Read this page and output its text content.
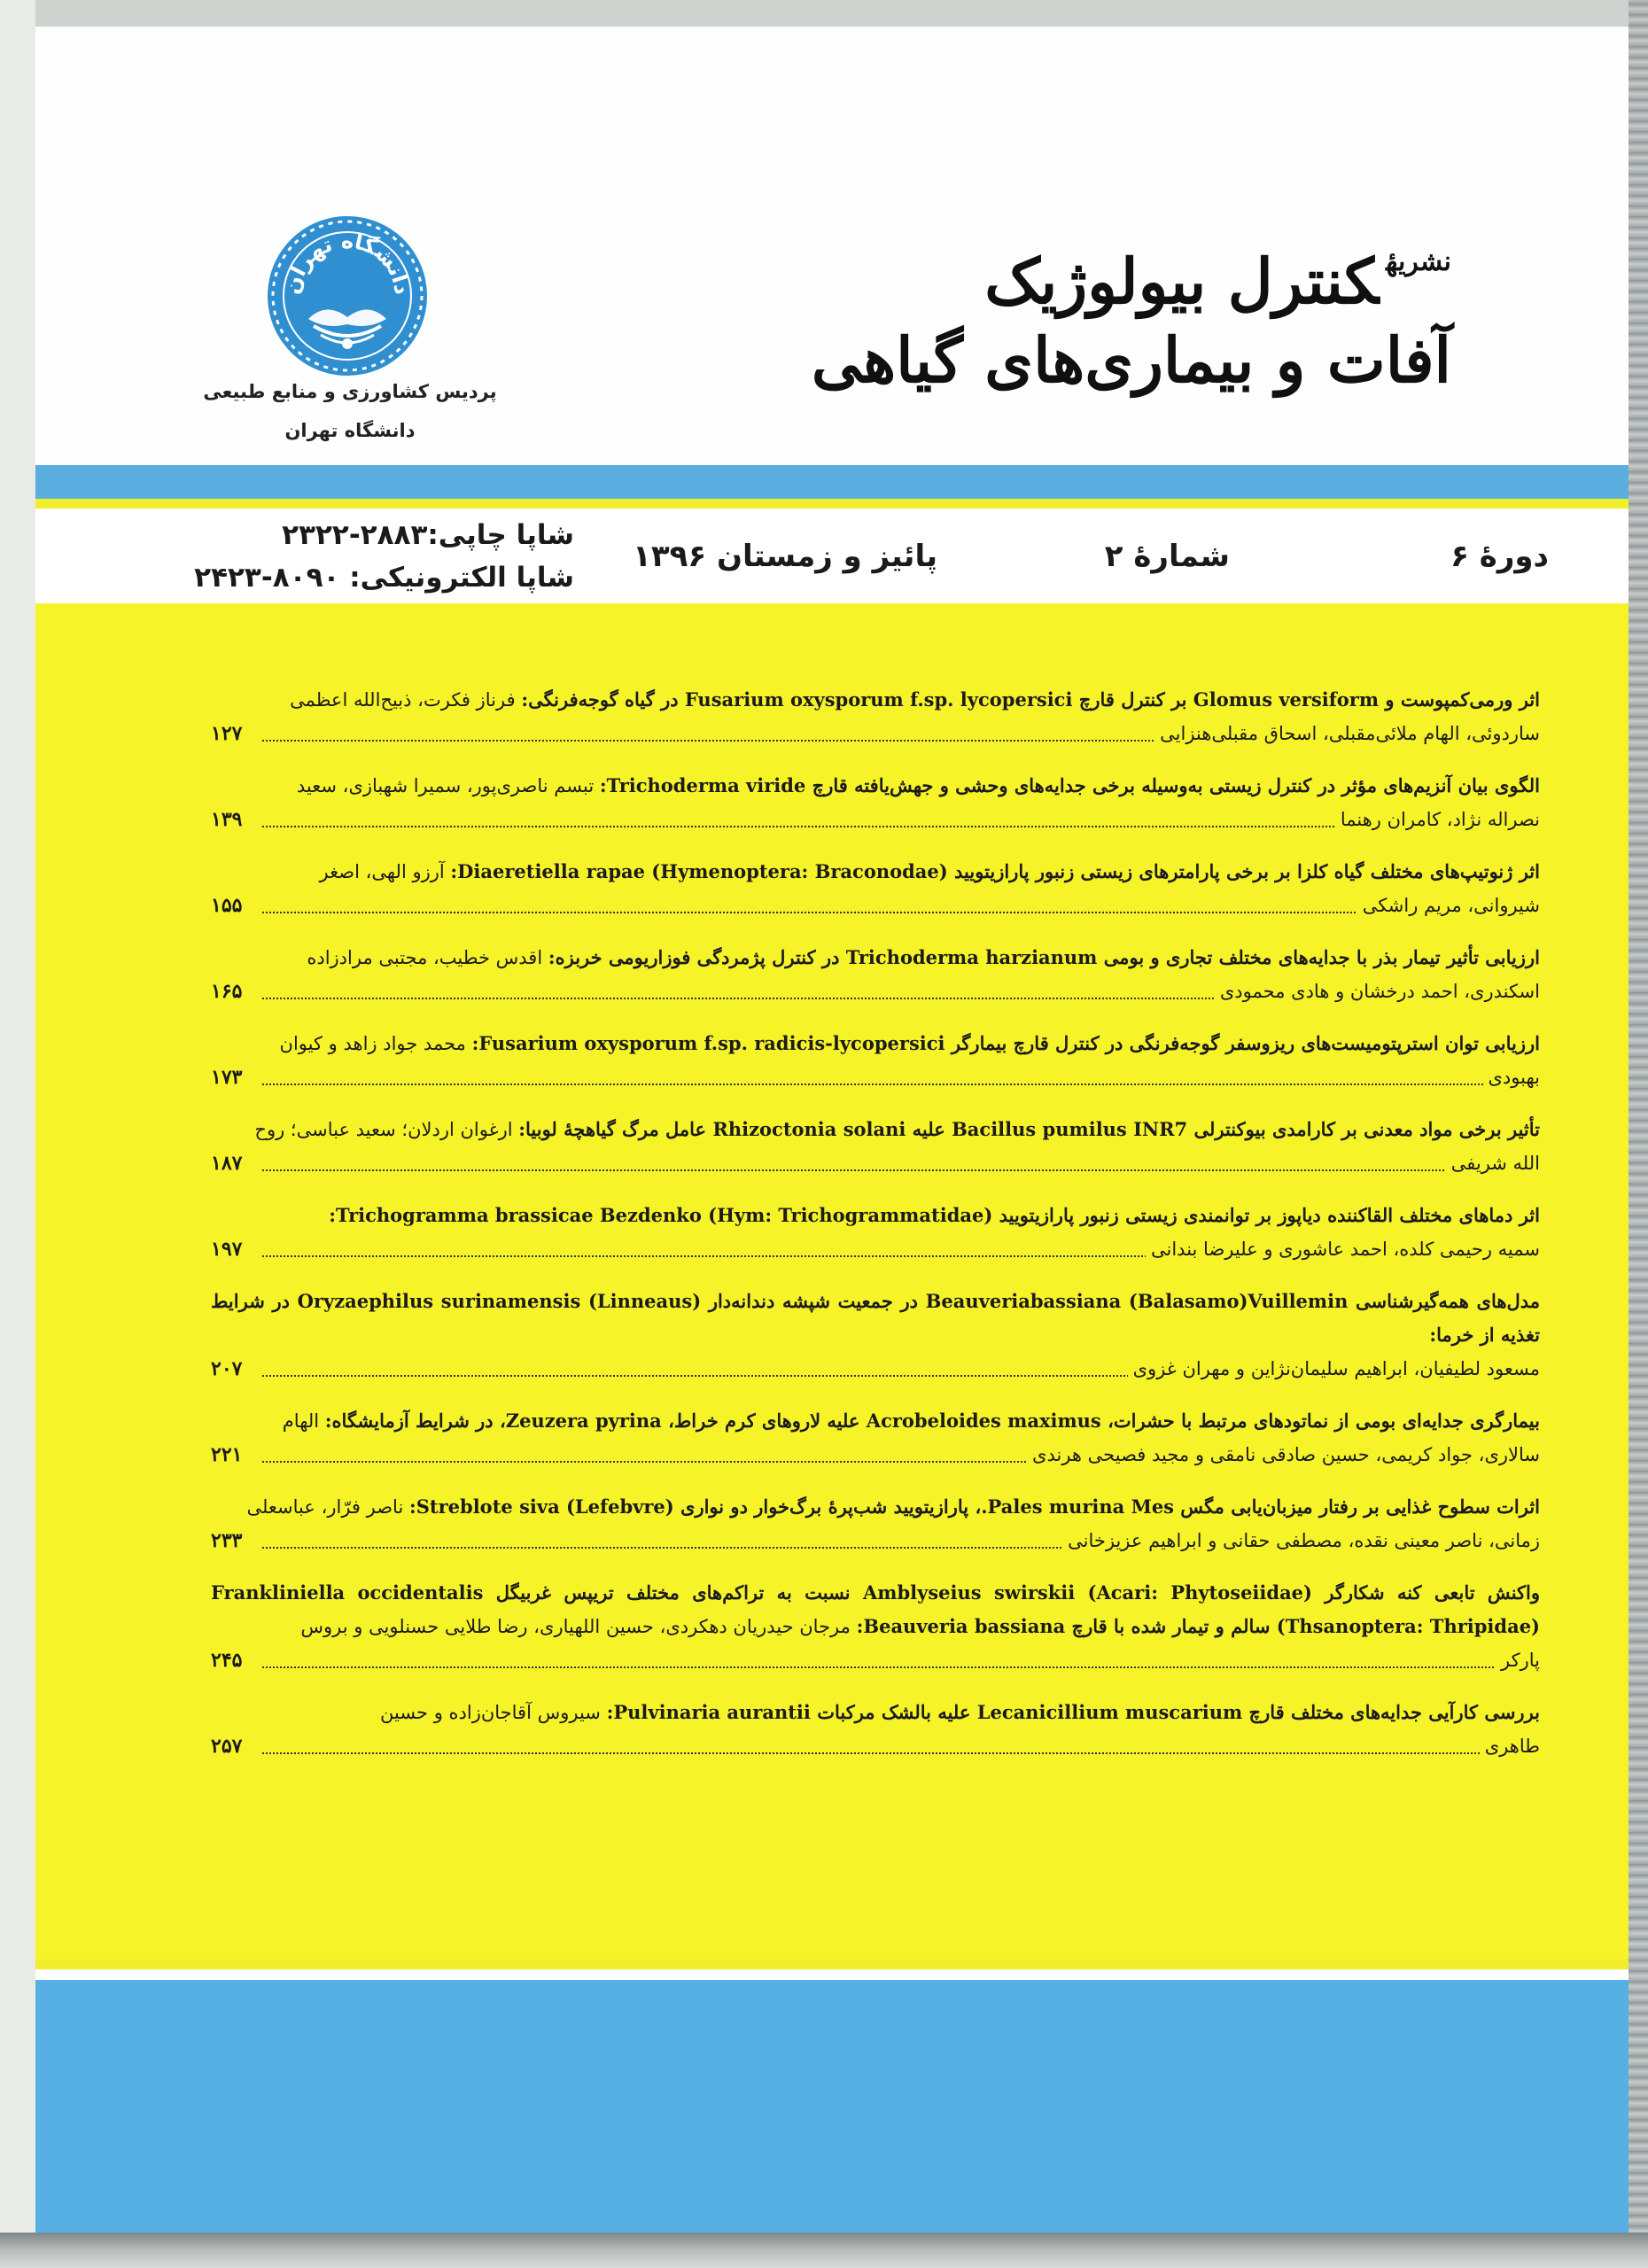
نشریهٔکنترل بیولوژیک
آفات و بیماری‌های گیاهی
دانشگاه تهران
پردیس کشاورزی و منابع طبیعی
دانشگاه تهران
دورهٔ ۶
شمارهٔ ۲
پائیز و زمستان ۱۳۹۶
شاپا چاپی:۲۸۸۳-۲۳۲۲
شاپا الکترونیکی: ۸۰۹۰-۲۴۲۳
اثر ورمی‌کمپوست و Glomus versiform بر کنترل قارچ Fusarium oxysporum f.sp. lycopersici در گیاه گوجه‌فرنگی: فرناز فکرت، ذبیح‌الله اعظمی
ساردوئی، الهام ملائی‌مقبلی، اسحاق مقبلی‌هنزایی
۱۲۷
الگوی بیان آنزیم‌های مؤثر در کنترل زیستی به‌وسیله برخی جدایه‌های وحشی و جهش‌یافته قارچ Trichoderma viride: تبسم ناصری‌پور، سمیرا شهبازی، سعید
نصراله نژاد، کامران رهنما
۱۳۹
اثر ژنوتیپ‌های مختلف گیاه کلزا بر برخی پارامترهای زیستی زنبور پارازیتویید Diaeretiella rapae (Hymenoptera: Braconodae): آرزو الهی، اصغر
شیروانی، مریم راشکی
۱۵۵
ارزیابی تأثیر تیمار بذر با جدایه‌های مختلف تجاری و بومی Trichoderma harzianum در کنترل پژمردگی فوزاریومی خربزه: اقدس خطیب، مجتبی مرادزاده
اسکندری، احمد درخشان و هادی محمودی
۱۶۵
ارزیابی توان استرپتومیست‌های ریزوسفر گوجه‌فرنگی در کنترل قارچ بیمارگر Fusarium oxysporum f.sp. radicis-lycopersici: محمد جواد زاهد و کیوان
بهبودی
۱۷۳
تأثیر برخی مواد معدنی بر کارامدی بیوکنترلی Bacillus pumilus INR7 علیه Rhizoctonia solani عامل مرگ گیاهچهٔ لوبیا: ارغوان اردلان؛ سعید عباسی؛ روح
الله شریفی
۱۸۷
اثر دماهای مختلف القاکننده دیاپوز بر توانمندی زیستی زنبور پارازیتویید Trichogramma brassicae Bezdenko (Hym: Trichogrammatidae):
سمیه رحیمی کلده، احمد عاشوری و علیرضا بندانی
۱۹۷
مدل‌های همه‌گیرشناسی Beauveriabassiana (Balasamo)Vuillemin در جمعیت شپشه دندانه‌دار Oryzaephilus surinamensis (Linneaus) در شرایط تغذیه از خرما:
مسعود لطیفیان، ابراهیم سلیمان‌نژاین و مهران غزوی
۲۰۷
بیمارگری جدایه‌ای بومی از نماتودهای مرتبط با حشرات، Acrobeloides maximus علیه لاروهای کرم خراط، Zeuzera pyrina، در شرایط آزمایشگاه: الهام
سالاری، جواد کریمی، حسین صادقی نامقی و مجید فصیحی هرندی
۲۲۱
اثرات سطوح غذایی بر رفتار میزبان‌یابی مگس Pales murina Mes.، پارازیتویید شب‌پرهٔ برگ‌خوار دو نواری Streblote siva (Lefebvre): ناصر فرّار، عباسعلی
زمانی، ناصر معینی نقده، مصطفی حقانی و ابراهیم عزیزخانی
۲۳۳
واکنش تابعی کنه شکارگر Amblyseius swirskii (Acari: Phytoseiidae) نسبت به تراکم‌های مختلف تریپس غربیگل Frankliniella occidentalis (Thsanoptera: Thripidae) سالم و تیمار شده با قارچ Beauveria bassiana: مرجان حیدریان دهکردی، حسین اللهیاری، رضا طلایی حسنلویی و بروس
پارکر
۲۴۵
بررسی کارآیی جدایه‌های مختلف قارچ Lecanicillium muscarium علیه بالشک مرکبات Pulvinaria aurantii: سیروس آقاجان‌زاده و حسین
طاهری
۲۵۷
